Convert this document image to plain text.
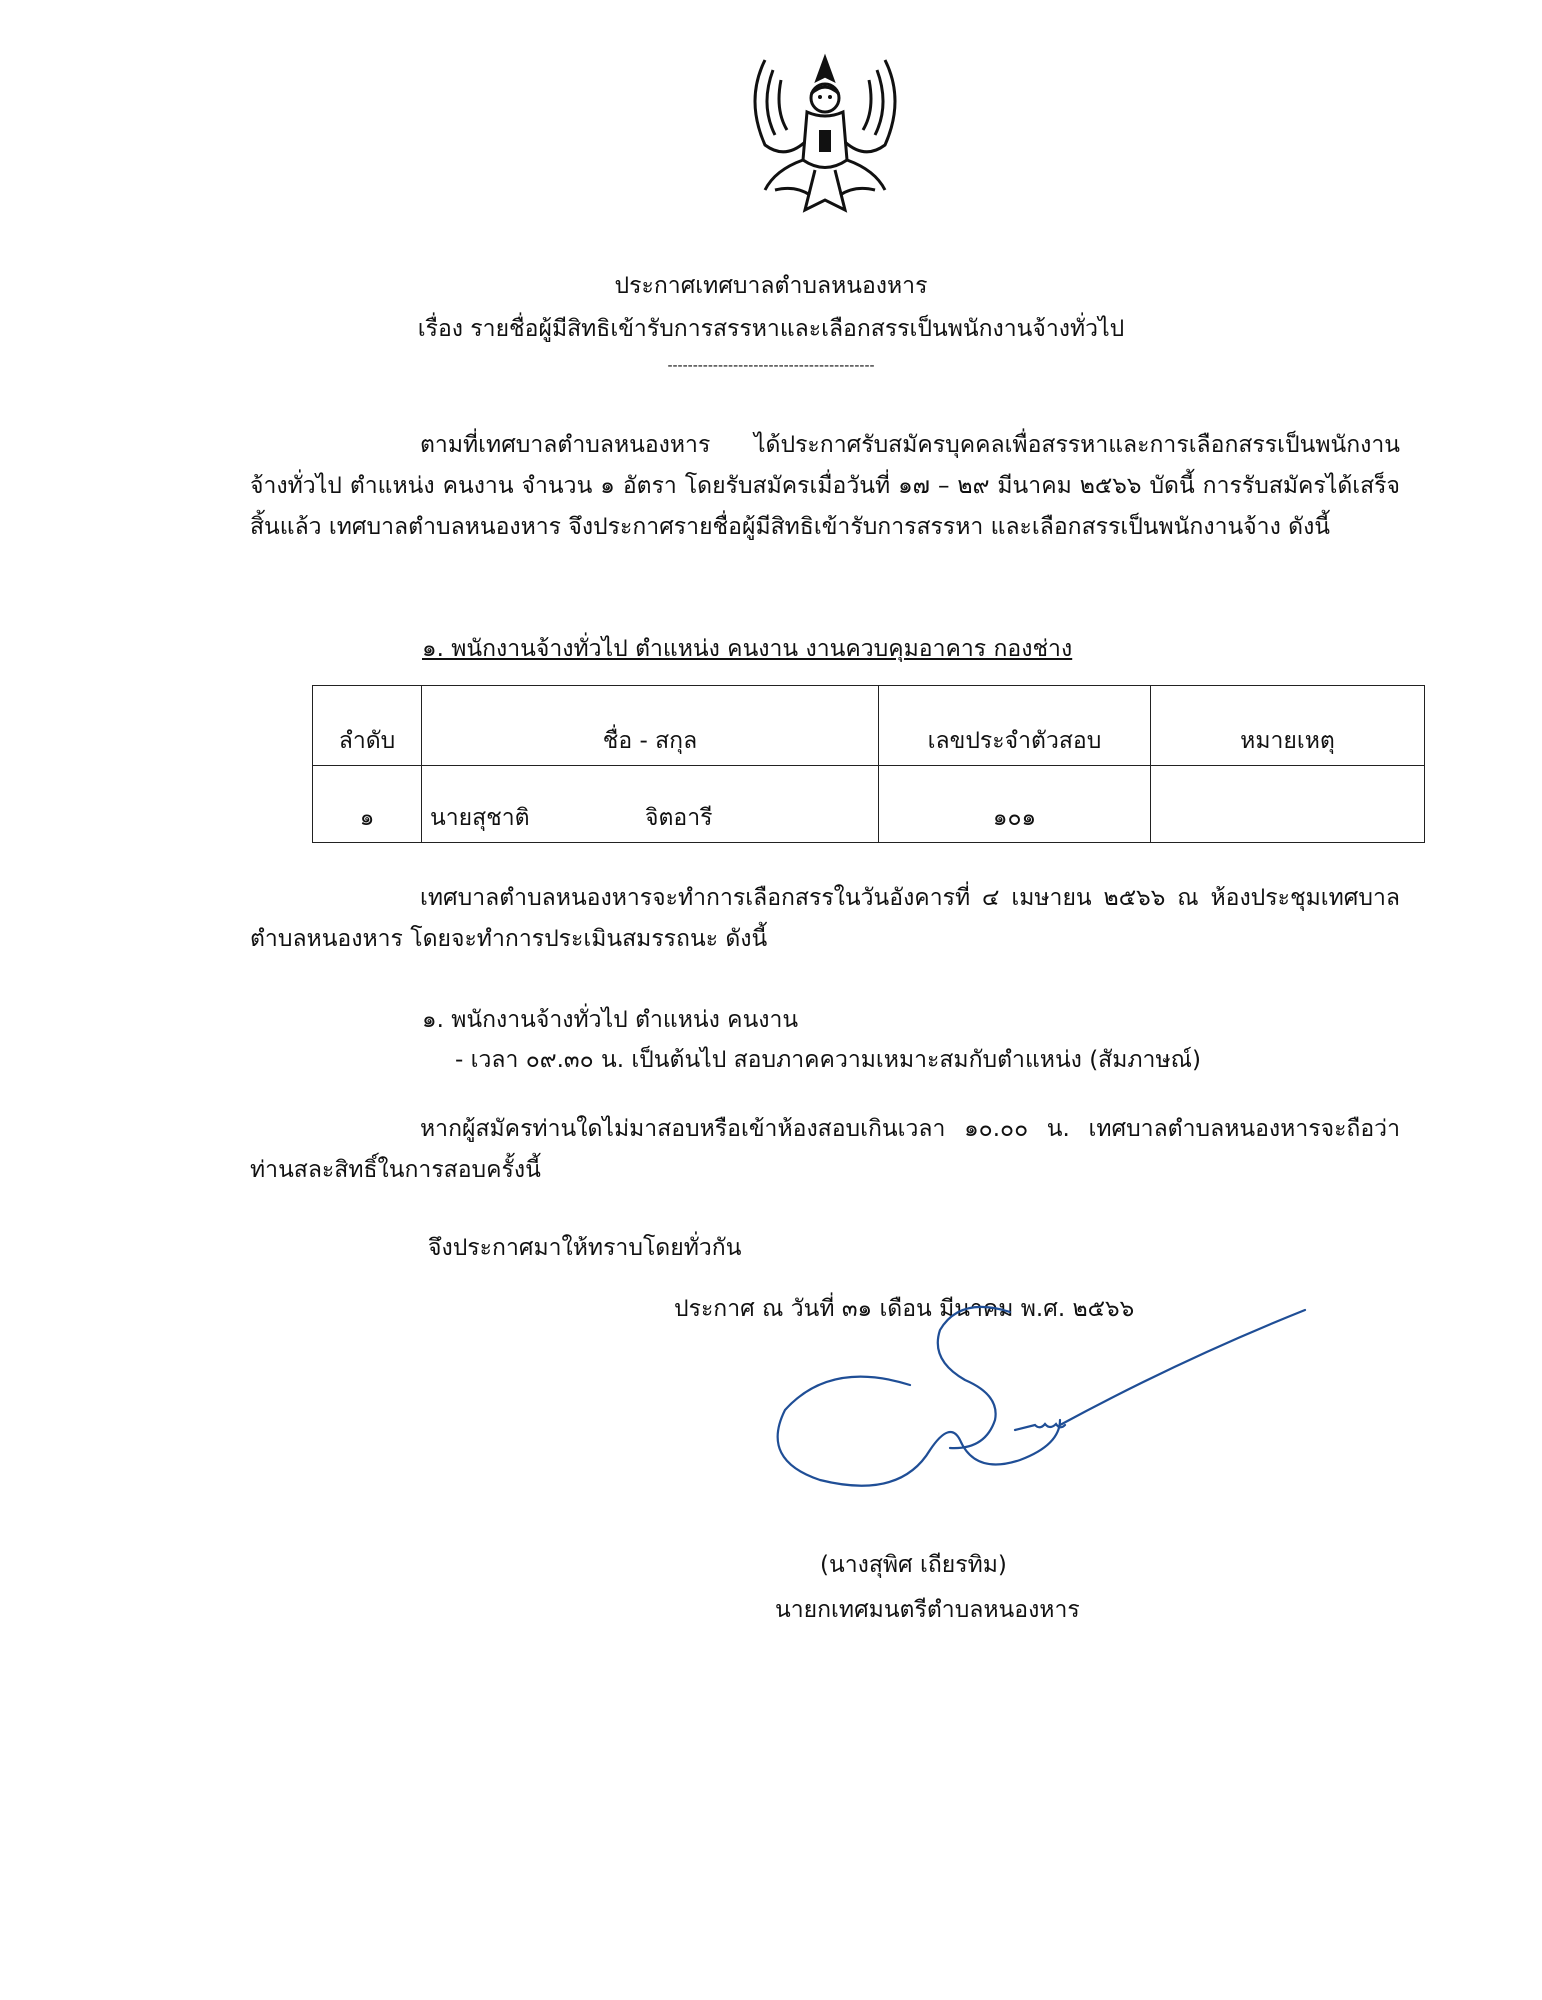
ประกาศเทศบาลตำบลหนองหาร
เรื่อง รายชื่อผู้มีสิทธิเข้ารับการสรรหาและเลือกสรรเป็นพนักงานจ้างทั่วไป
-----------------------------------------
ตามที่เทศบาลตำบลหนองหาร ได้ประกาศรับสมัครบุคคลเพื่อสรรหาและการเลือกสรรเป็นพนักงานจ้างทั่วไป ตำแหน่ง คนงาน จำนวน ๑ อัตรา โดยรับสมัครเมื่อวันที่ ๑๗ – ๒๙ มีนาคม ๒๕๖๖ บัดนี้ การรับสมัครได้เสร็จสิ้นแล้ว เทศบาลตำบลหนองหาร จึงประกาศรายชื่อผู้มีสิทธิเข้ารับการสรรหา และเลือกสรรเป็นพนักงานจ้าง ดังนี้
๑. พนักงานจ้างทั่วไป ตำแหน่ง คนงาน งานควบคุมอาคาร กองช่าง
ลำดับ	ชื่อ - สกุล	เลขประจำตัวสอบ	หมายเหตุ
๑	นายสุชาติ จิตอารี	๑๐๑	
เทศบาลตำบลหนองหารจะทำการเลือกสรรในวันอังคารที่ ๔ เมษายน ๒๕๖๖ ณ ห้องประชุมเทศบาลตำบลหนองหาร โดยจะทำการประเมินสมรรถนะ ดังนี้
๑. พนักงานจ้างทั่วไป ตำแหน่ง คนงาน
- เวลา ๐๙.๓๐ น. เป็นต้นไป สอบภาคความเหมาะสมกับตำแหน่ง (สัมภาษณ์)
หากผู้สมัครท่านใดไม่มาสอบหรือเข้าห้องสอบเกินเวลา ๑๐.๐๐ น. เทศบาลตำบลหนองหารจะถือว่าท่านสละสิทธิ์ในการสอบครั้งนี้
จึงประกาศมาให้ทราบโดยทั่วกัน
ประกาศ ณ วันที่ ๓๑ เดือน มีนาคม พ.ศ. ๒๕๖๖
(นางสุพิศ เถียรทิม)
นายกเทศมนตรีตำบลหนองหาร
